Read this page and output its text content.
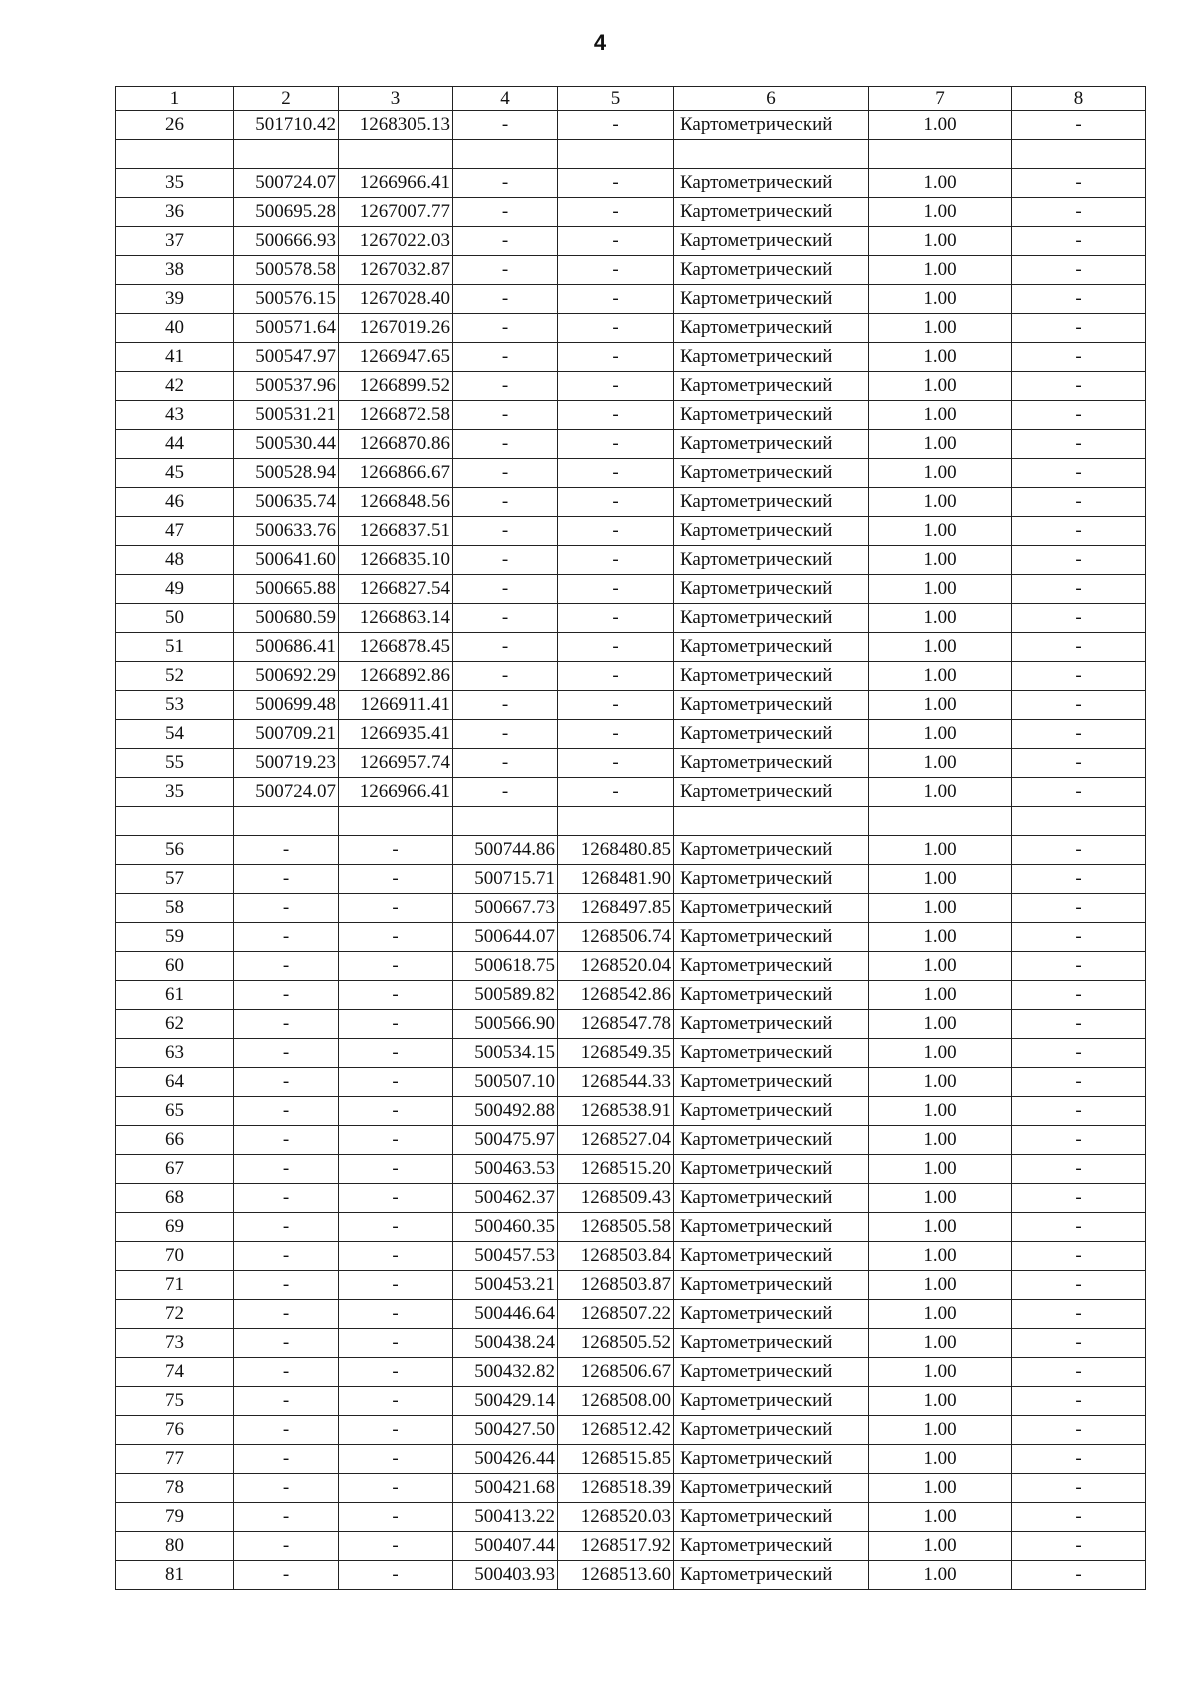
4
1	2	3	4	5	6	7	8
26	501710.42	1268305.13	-	-	Картометрический	1.00	-

35	500724.07	1266966.41	-	-	Картометрический	1.00	-
36	500695.28	1267007.77	-	-	Картометрический	1.00	-
37	500666.93	1267022.03	-	-	Картометрический	1.00	-
38	500578.58	1267032.87	-	-	Картометрический	1.00	-
39	500576.15	1267028.40	-	-	Картометрический	1.00	-
40	500571.64	1267019.26	-	-	Картометрический	1.00	-
41	500547.97	1266947.65	-	-	Картометрический	1.00	-
42	500537.96	1266899.52	-	-	Картометрический	1.00	-
43	500531.21	1266872.58	-	-	Картометрический	1.00	-
44	500530.44	1266870.86	-	-	Картометрический	1.00	-
45	500528.94	1266866.67	-	-	Картометрический	1.00	-
46	500635.74	1266848.56	-	-	Картометрический	1.00	-
47	500633.76	1266837.51	-	-	Картометрический	1.00	-
48	500641.60	1266835.10	-	-	Картометрический	1.00	-
49	500665.88	1266827.54	-	-	Картометрический	1.00	-
50	500680.59	1266863.14	-	-	Картометрический	1.00	-
51	500686.41	1266878.45	-	-	Картометрический	1.00	-
52	500692.29	1266892.86	-	-	Картометрический	1.00	-
53	500699.48	1266911.41	-	-	Картометрический	1.00	-
54	500709.21	1266935.41	-	-	Картометрический	1.00	-
55	500719.23	1266957.74	-	-	Картометрический	1.00	-
35	500724.07	1266966.41	-	-	Картометрический	1.00	-

56	-	-	500744.86	1268480.85	Картометрический	1.00	-
57	-	-	500715.71	1268481.90	Картометрический	1.00	-
58	-	-	500667.73	1268497.85	Картометрический	1.00	-
59	-	-	500644.07	1268506.74	Картометрический	1.00	-
60	-	-	500618.75	1268520.04	Картометрический	1.00	-
61	-	-	500589.82	1268542.86	Картометрический	1.00	-
62	-	-	500566.90	1268547.78	Картометрический	1.00	-
63	-	-	500534.15	1268549.35	Картометрический	1.00	-
64	-	-	500507.10	1268544.33	Картометрический	1.00	-
65	-	-	500492.88	1268538.91	Картометрический	1.00	-
66	-	-	500475.97	1268527.04	Картометрический	1.00	-
67	-	-	500463.53	1268515.20	Картометрический	1.00	-
68	-	-	500462.37	1268509.43	Картометрический	1.00	-
69	-	-	500460.35	1268505.58	Картометрический	1.00	-
70	-	-	500457.53	1268503.84	Картометрический	1.00	-
71	-	-	500453.21	1268503.87	Картометрический	1.00	-
72	-	-	500446.64	1268507.22	Картометрический	1.00	-
73	-	-	500438.24	1268505.52	Картометрический	1.00	-
74	-	-	500432.82	1268506.67	Картометрический	1.00	-
75	-	-	500429.14	1268508.00	Картометрический	1.00	-
76	-	-	500427.50	1268512.42	Картометрический	1.00	-
77	-	-	500426.44	1268515.85	Картометрический	1.00	-
78	-	-	500421.68	1268518.39	Картометрический	1.00	-
79	-	-	500413.22	1268520.03	Картометрический	1.00	-
80	-	-	500407.44	1268517.92	Картометрический	1.00	-
81	-	-	500403.93	1268513.60	Картометрический	1.00	-
